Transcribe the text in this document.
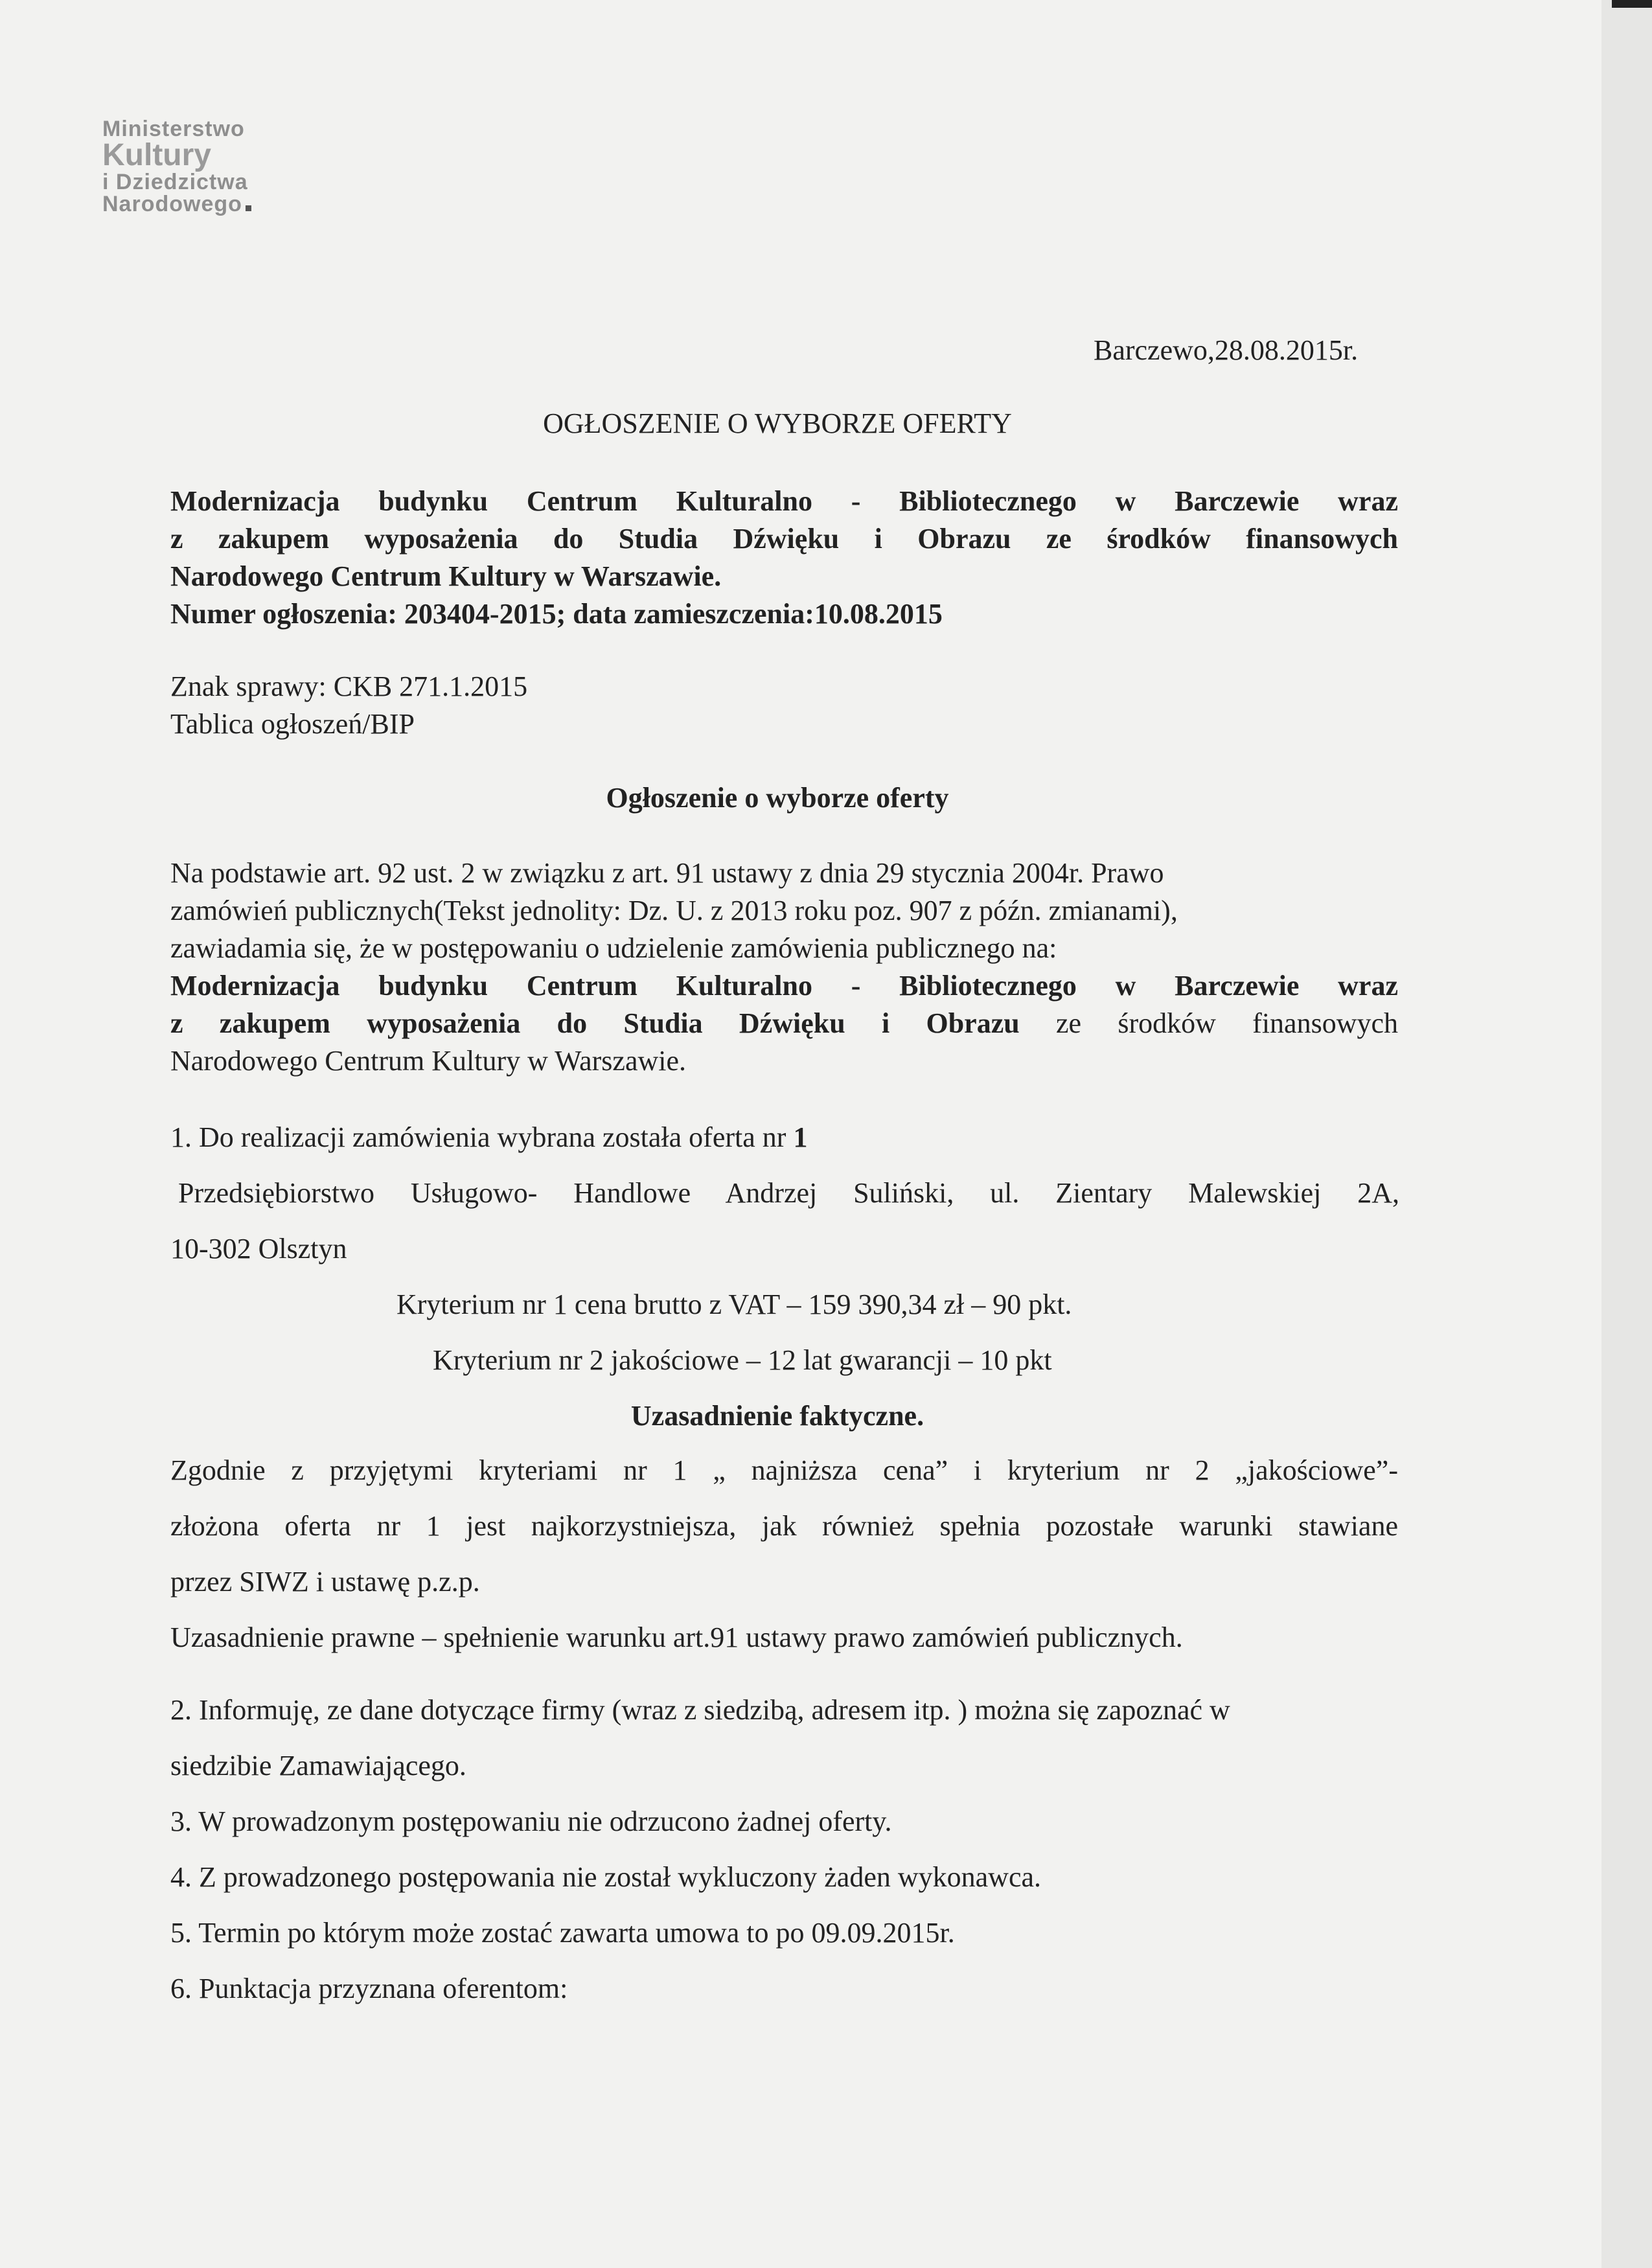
Ministerstwo
Kultury
i Dziedzictwa
Narodowego
Barczewo,28.08.2015r.
OGŁOSZENIE O WYBORZE OFERTY
Modernizacja budynku Centrum Kulturalno - Bibliotecznego w Barczewie wraz
z zakupem wyposażenia do Studia Dźwięku i Obrazu ze środków finansowych
Narodowego Centrum Kultury w Warszawie.
Numer ogłoszenia: 203404-2015; data zamieszczenia:10.08.2015
Znak sprawy: CKB 271.1.2015
Tablica ogłoszeń/BIP
Ogłoszenie o wyborze oferty
Na podstawie art. 92 ust. 2 w związku z art. 91 ustawy z dnia 29 stycznia 2004r. Prawo
zamówień publicznych(Tekst jednolity: Dz. U. z 2013 roku poz. 907 z późn. zmianami),
zawiadamia się, że w postępowaniu o udzielenie zamówienia publicznego na:
Modernizacja budynku Centrum Kulturalno - Bibliotecznego w Barczewie wraz
z zakupem wyposażenia do Studia Dźwięku i Obrazu ze środków finansowych
Narodowego Centrum Kultury w Warszawie.
1. Do realizacji zamówienia wybrana została oferta nr 1
Przedsiębiorstwo Usługowo- Handlowe Andrzej Suliński, ul. Zientary Malewskiej 2A,
10-302 Olsztyn
Kryterium nr 1 cena brutto z VAT – 159 390,34 zł – 90 pkt.
Kryterium nr 2 jakościowe – 12 lat gwarancji – 10 pkt
Uzasadnienie faktyczne.
Zgodnie z przyjętymi kryteriami nr 1 „ najniższa cena” i kryterium nr 2 „jakościowe”-
złożona oferta nr 1 jest najkorzystniejsza, jak również spełnia pozostałe warunki stawiane
przez SIWZ i ustawę p.z.p.
Uzasadnienie prawne – spełnienie warunku art.91 ustawy prawo zamówień publicznych.
2. Informuję, ze dane dotyczące firmy (wraz z siedzibą, adresem itp. ) można się zapoznać w
siedzibie Zamawiającego.
3. W prowadzonym postępowaniu nie odrzucono żadnej oferty.
4. Z prowadzonego postępowania nie został wykluczony żaden wykonawca.
5. Termin po którym może zostać zawarta umowa to po 09.09.2015r.
6. Punktacja przyznana oferentom:
